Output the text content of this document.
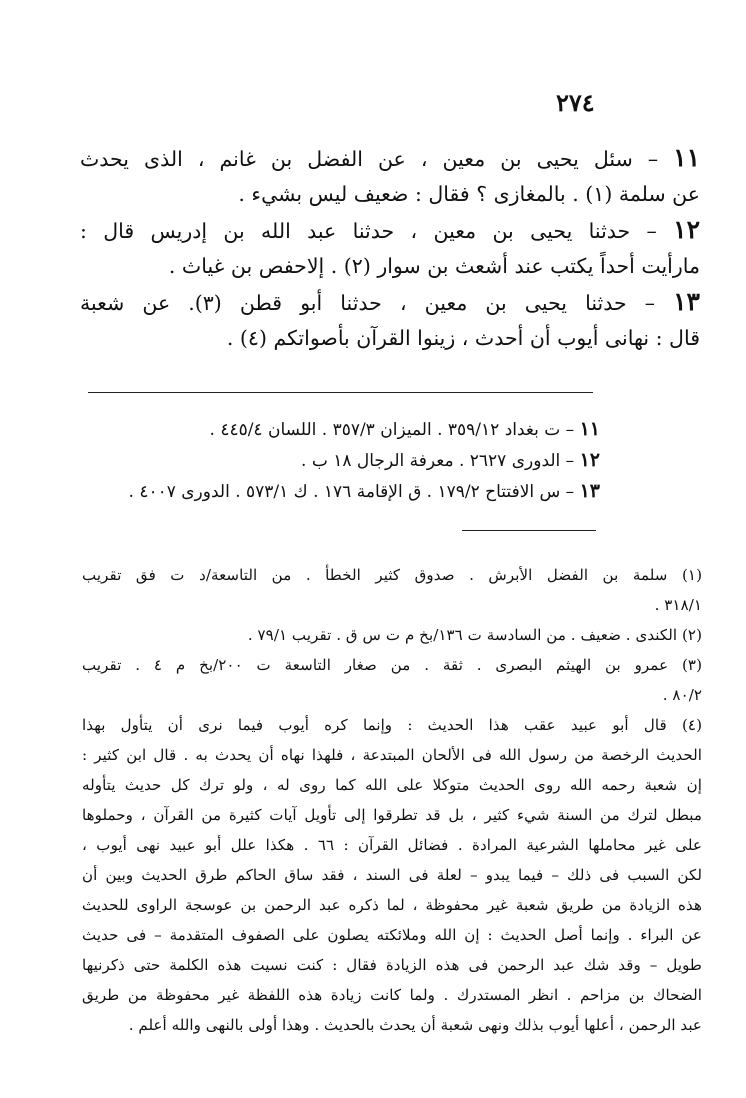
٢٧٤
١١ – سئل يحيى بن معين ، عن الفضل بن غانم ، الذى يحدث
عن سلمة (١) . بالمغازى ؟ فقال : ضعيف ليس بشيء .
١٢ – حدثنا يحيى بن معين ، حدثنا عبد الله بن إدريس قال :
مارأيت أحداً يكتب عند أشعث بن سوار (٢) . إلاحفص بن غياث .
١٣ – حدثنا يحيى بن معين ، حدثنا أبو قطن (٣). عن شعبة
قال : نهانى أيوب أن أحدث ، زينوا القرآن بأصواتكم (٤) .
١١ – ت بغداد ٣٥٩/١٢ . الميزان ٣٥٧/٣ . اللسان ٤٤٥/٤ .
١٢ – الدورى ٢٦٢٧ . معرفة الرجال ١٨ ب .
١٣ – س الافتتاح ١٧٩/٢ . ق الإقامة ١٧٦ . ك ٥٧٣/١ . الدورى ٤٠٠٧ .
(١) سلمة بن الفضل الأبرش . صدوق كثير الخطأ . من التاسعة/د ت فق تقريب
٣١٨/١ .
(٢) الكندى . ضعيف . من السادسة ت ١٣٦/بخ م ت س ق . تقريب ٧٩/١ .
(٣) عمرو بن الهيثم البصرى . ثقة . من صغار التاسعة ت ٢٠٠/بخ م ٤ . تقريب
٨٠/٢ .
(٤) قال أبو عبيد عقب هذا الحديث : وإنما كره أيوب فيما نرى أن يتأول بهذا
الحديث الرخصة من رسول الله فى الألحان المبتدعة ، فلهذا نهاه أن يحدث به . قال ابن كثير :
إن شعبة رحمه الله روى الحديث متوكلا على الله كما روى له ، ولو ترك كل حديث يتأوله
مبطل لترك من السنة شيء كثير ، بل قد تطرقوا إلى تأويل آيات كثيرة من القرآن ، وحملوها
على غير محاملها الشرعية المرادة . فضائل القرآن : ٦٦ . هكذا علل أبو عبيد نهى أيوب ،
لكن السبب فى ذلك – فيما يبدو – لعلة فى السند ، فقد ساق الحاكم طرق الحديث وبين أن
هذه الزيادة من طريق شعبة غير محفوظة ، لما ذكره عبد الرحمن بن عوسجة الراوى للحديث
عن البراء . وإنما أصل الحديث : إن الله وملائكته يصلون على الصفوف المتقدمة – فى حديث
طويل – وقد شك عبد الرحمن فى هذه الزيادة فقال : كنت نسيت هذه الكلمة حتى ذكرنيها
الضحاك بن مزاحم . انظر المستدرك . ولما كانت زيادة هذه اللفظة غير محفوظة من طريق
عبد الرحمن ، أعلها أيوب بذلك ونهى شعبة أن يحدث بالحديث . وهذا أولى بالنهى والله أعلم .
